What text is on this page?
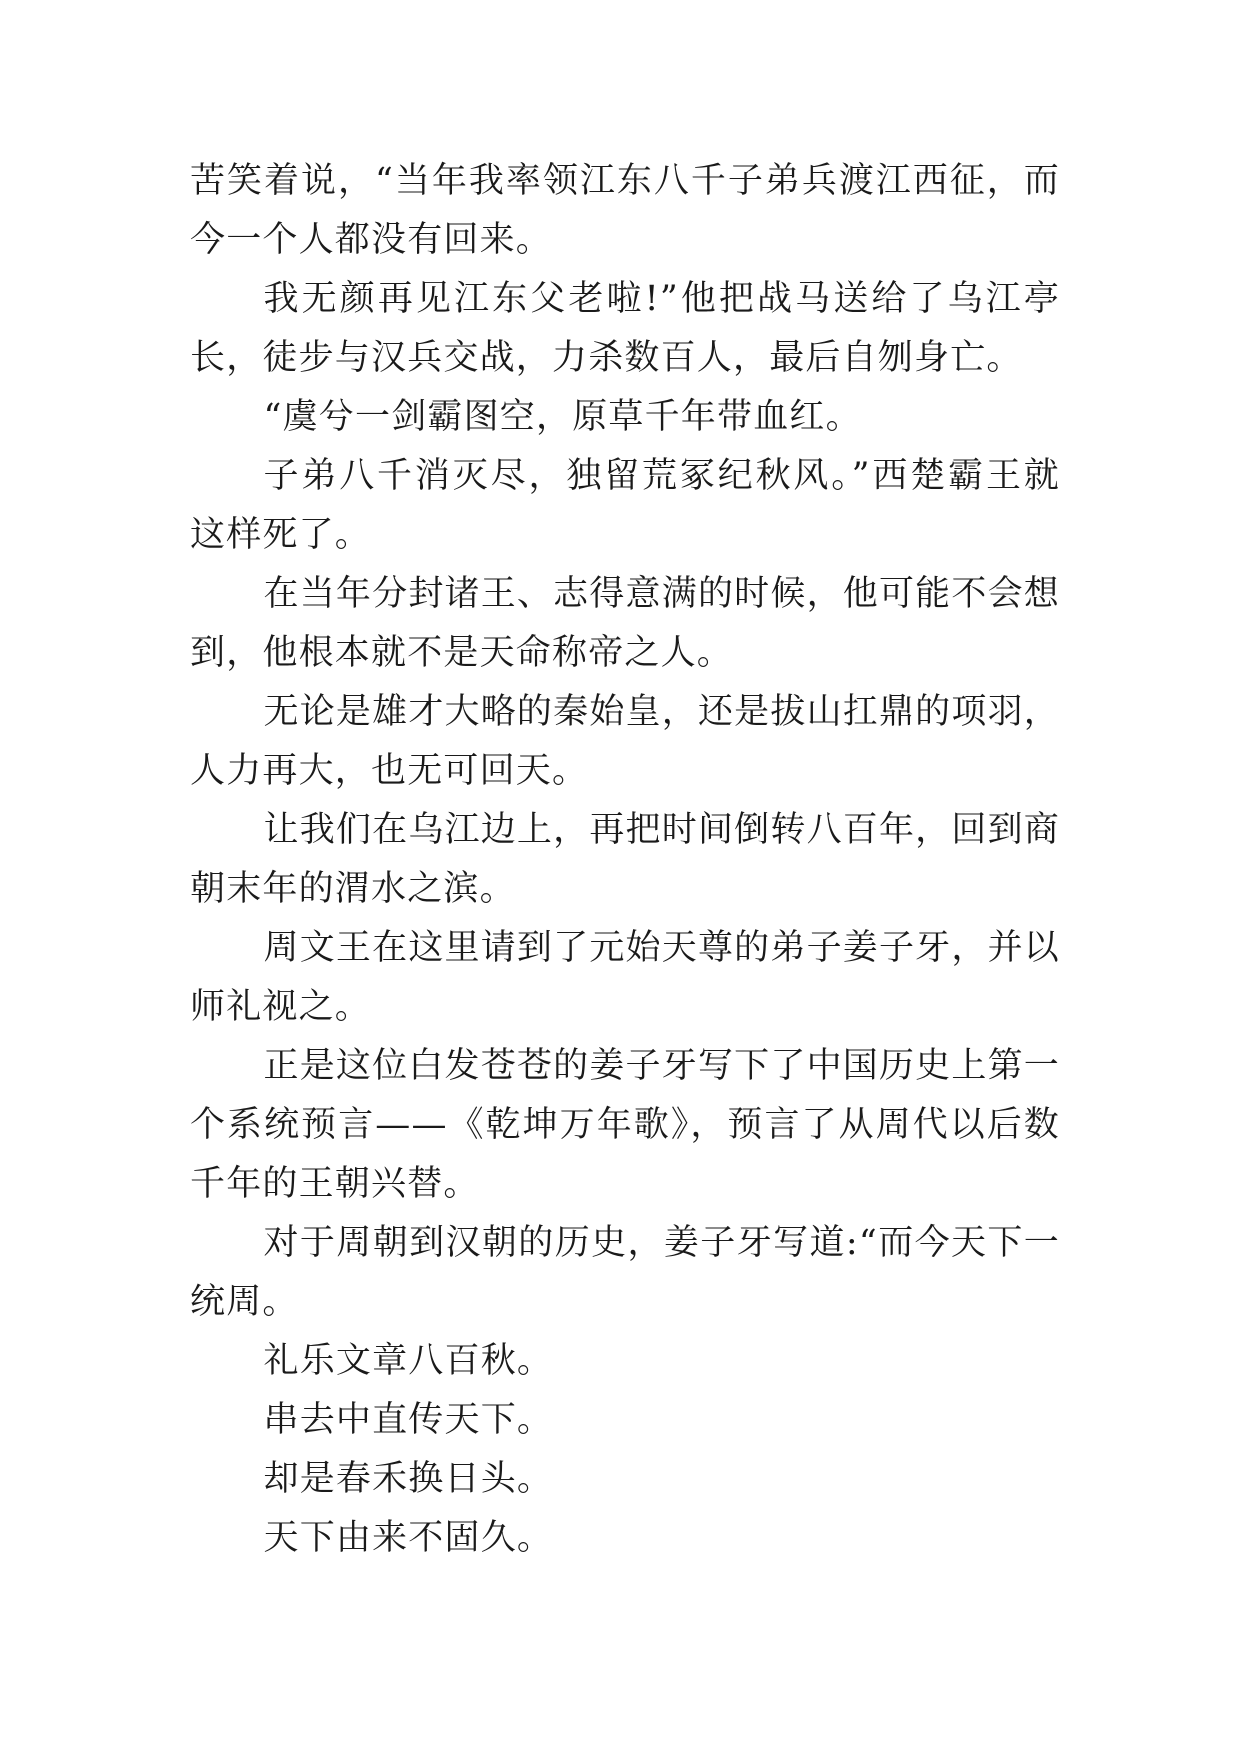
苦笑着说，“当年我率领江东八千子弟兵渡江西征，而今一个人都没有回来。

我无颜再见江东父老啦!”他把战马送给了乌江亭长，徒步与汉兵交战，力杀数百人，最后自刎身亡。

“虞兮一剑霸图空，原草千年带血红。

子弟八千消灭尽，独留荒冢纪秋风。”西楚霸王就这样死了。

在当年分封诸王、志得意满的时候，他可能不会想到，他根本就不是天命称帝之人。

无论是雄才大略的秦始皇，还是拔山扛鼎的项羽，人力再大，也无可回天。

让我们在乌江边上，再把时间倒转八百年，回到商朝末年的渭水之滨。

周文王在这里请到了元始天尊的弟子姜子牙，并以师礼视之。

正是这位白发苍苍的姜子牙写下了中国历史上第一个系统预言——《乾坤万年歌》，预言了从周代以后数千年的王朝兴替。

对于周朝到汉朝的历史，姜子牙写道:“而今天下一统周。

礼乐文章八百秋。

串去中直传天下。

却是春禾换日头。

天下由来不固久。
